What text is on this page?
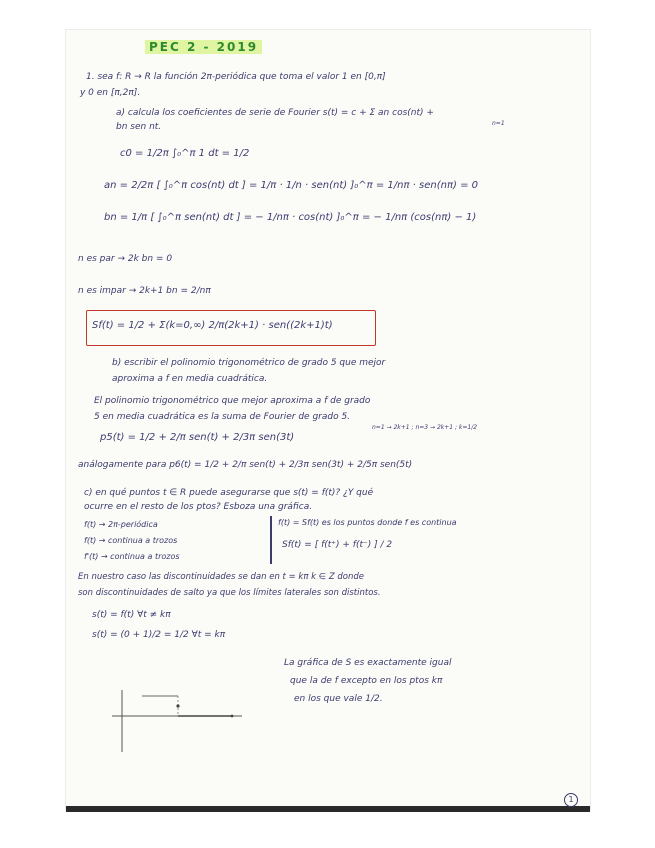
PEC 2 - 2019
1. sea f: R → R la función 2π-periódica que toma el valor 1 en [0,π]
y 0 en [π,2π].
a) calcula los coeficientes de serie de Fourier s(t) = c + Σ an cos(nt) +
n=1
bn sen nt.
c0 = 1/2π ∫₀^π 1 dt = 1/2
an = 2/2π [ ∫₀^π cos(nt) dt ] = 1/π · 1/n · sen(nt) ]₀^π = 1/nπ · sen(nπ) = 0
bn = 1/π [ ∫₀^π sen(nt) dt ] = − 1/nπ · cos(nt) ]₀^π = − 1/nπ (cos(nπ) − 1)
n es par → 2k bn = 0
n es impar → 2k+1 bn = 2/nπ
Sf(t) = 1/2 + Σ(k=0,∞) 2/π(2k+1) · sen((2k+1)t)
b) escribir el polinomio trigonométrico de grado 5 que mejor
aproxima a f en media cuadrática.
El polinomio trigonométrico que mejor aproxima a f de grado
5 en media cuadrática es la suma de Fourier de grado 5.
p5(t) = 1/2 + 2/π sen(t) + 2/3π sen(3t)
n=1 → 2k+1 ; n=3 → 2k+1 ; k=1/2
análogamente para p6(t) = 1/2 + 2/π sen(t) + 2/3π sen(3t) + 2/5π sen(5t)
c) en qué puntos t ∈ R puede asegurarse que s(t) = f(t)? ¿Y qué
ocurre en el resto de los ptos? Esboza una gráfica.
f(t) → 2π-periódica
f(t) → continua a trozos
f'(t) → continua a trozos
f(t) = Sf(t) es los puntos donde f es continua
Sf(t) = [ f(t⁺) + f(t⁻) ] / 2
En nuestro caso las discontinuidades se dan en t = kπ k ∈ Z donde
son discontinuidades de salto ya que los límites laterales son distintos.
s(t) = f(t) ∀t ≠ kπ
s(t) = (0 + 1)/2 = 1/2 ∀t = kπ
La gráfica de S es exactamente igual
que la de f excepto en los ptos kπ
en los que vale 1/2.
1
